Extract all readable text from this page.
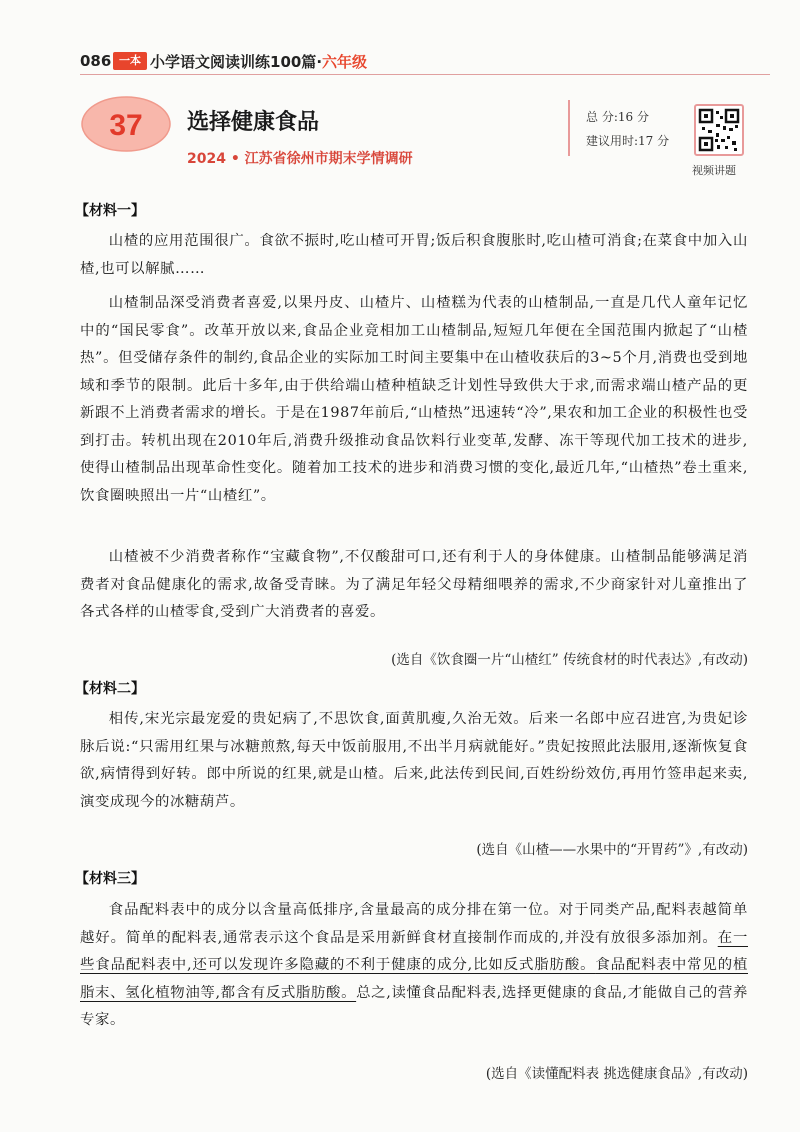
086 一本 小学语文阅读训练100篇·六年级
37 选择健康食品
2024 • 江苏省徐州市期末学情调研
总 分:16 分
建议用时:17 分
视频讲题
【材料一】

山楂的应用范围很广。食欲不振时,吃山楂可开胃;饭后积食腹胀时,吃山楂可消食;在菜食中加入山楂,也可以解腻……

山楂制品深受消费者喜爱,以果丹皮、山楂片、山楂糕为代表的山楂制品,一直是几代人童年记忆中的“国民零食”。改革开放以来,食品企业竞相加工山楂制品,短短几年便在全国范围内掀起了“山楂热”。但受储存条件的制约,食品企业的实际加工时间主要集中在山楂收获后的3~5个月,消费也受到地域和季节的限制。此后十多年,由于供给端山楂种植缺乏计划性导致供大于求,而需求端山楂产品的更新跟不上消费者需求的增长。于是在1987年前后,“山楂热”迅速转“冷”,果农和加工企业的积极性也受到打击。转机出现在2010年后,消费升级推动食品饮料行业变革,发酵、冻干等现代加工技术的进步,使得山楂制品出现革命性变化。随着加工技术的进步和消费习惯的变化,最近几年,“山楂热”卷土重来,饮食圈映照出一片“山楂红”。

山楂被不少消费者称作“宝藏食物”,不仅酸甜可口,还有利于人的身体健康。山楂制品能够满足消费者对食品健康化的需求,故备受青睐。为了满足年轻父母精细喂养的需求,不少商家针对儿童推出了各式各样的山楂零食,受到广大消费者的喜爱。

(选自《饮食圈一片“山楂红” 传统食材的时代表达》,有改动)
【材料二】

相传,宋光宗最宠爱的贵妃病了,不思饮食,面黄肌瘦,久治无效。后来一名郎中应召进宫,为贵妃诊脉后说:“只需用红果与冰糖煎熬,每天中饭前服用,不出半月病就能好。”贵妃按照此法服用,逐渐恢复食欲,病情得到好转。郎中所说的红果,就是山楂。后来,此法传到民间,百姓纷纷效仿,再用竹签串起来卖,演变成现今的冰糖葫芦。

(选自《山楂——水果中的“开胃药”》,有改动)
【材料三】

食品配料表中的成分以含量高低排序,含量最高的成分排在第一位。对于同类产品,配料表越简单越好。简单的配料表,通常表示这个食品是采用新鲜食材直接制作而成的,并没有放很多添加剂。在一些食品配料表中,还可以发现许多隐藏的不利于健康的成分,比如反式脂肪酸。食品配料表中常见的植脂末、氢化植物油等,都含有反式脂肪酸。总之,读懂食品配料表,选择更健康的食品,才能做自己的营养专家。

(选自《读懂配料表 挑选健康食品》,有改动)
